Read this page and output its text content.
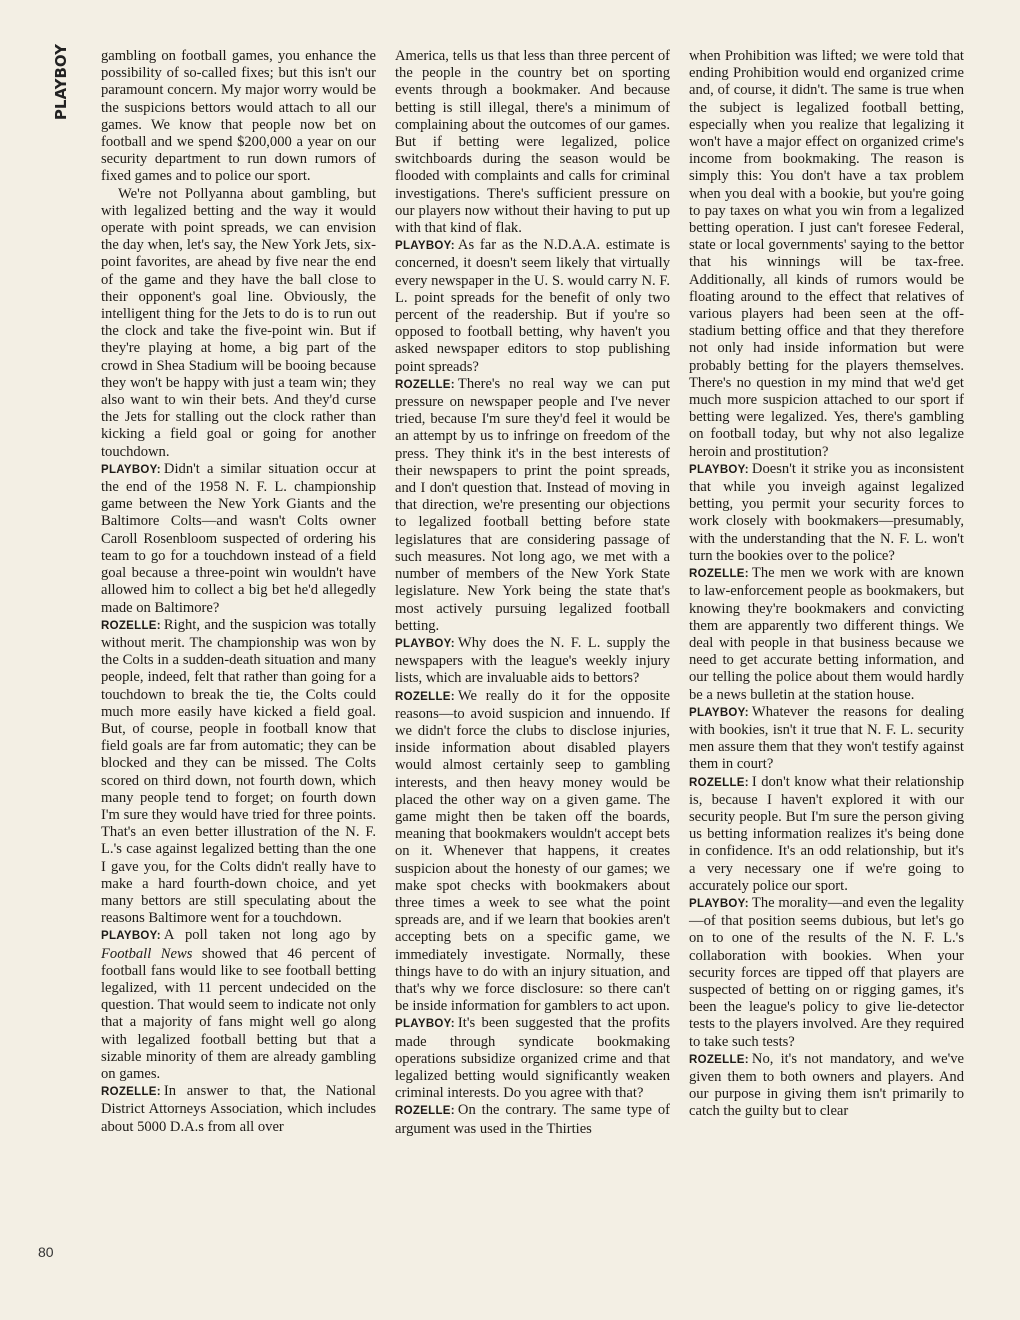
PLAYBOY
80

gambling on football games, you enhance the possibility of so-called fixes; but this isn't our paramount concern. My major worry would be the suspicions bettors would attach to all our games. We know that people now bet on football and we spend $200,000 a year on our security department to run down rumors of fixed games and to police our sport.

We're not Pollyanna about gambling, but with legalized betting and the way it would operate with point spreads, we can envision the day when, let's say, the New York Jets, six-point favorites, are ahead by five near the end of the game and they have the ball close to their opponent's goal line. Obviously, the intelligent thing for the Jets to do is to run out the clock and take the five-point win. But if they're playing at home, a big part of the crowd in Shea Stadium will be booing because they won't be happy with just a team win; they also want to win their bets. And they'd curse the Jets for stalling out the clock rather than kicking a field goal or going for another touchdown.

PLAYBOY: Didn't a similar situation occur at the end of the 1958 N. F. L. championship game between the New York Giants and the Baltimore Colts—and wasn't Colts owner Caroll Rosenbloom suspected of ordering his team to go for a touchdown instead of a field goal because a three-point win wouldn't have allowed him to collect a big bet he'd allegedly made on Baltimore?

ROZELLE: Right, and the suspicion was totally without merit. The championship was won by the Colts in a sudden-death situation and many people, indeed, felt that rather than going for a touchdown to break the tie, the Colts could much more easily have kicked a field goal. But, of course, people in football know that field goals are far from automatic; they can be blocked and they can be missed. The Colts scored on third down, not fourth down, which many people tend to forget; on fourth down I'm sure they would have tried for three points. That's an even better illustration of the N. F. L.'s case against legalized betting than the one I gave you, for the Colts didn't really have to make a hard fourth-down choice, and yet many bettors are still speculating about the reasons Baltimore went for a touchdown.

PLAYBOY: A poll taken not long ago by Football News showed that 46 percent of football fans would like to see football betting legalized, with 11 percent undecided on the question. That would seem to indicate not only that a majority of fans might well go along with legalized football betting but that a sizable minority of them are already gambling on games.

ROZELLE: In answer to that, the National District Attorneys Association, which includes about 5000 D.A.s from all over

America, tells us that less than three percent of the people in the country bet on sporting events through a bookmaker. And because betting is still illegal, there's a minimum of complaining about the outcomes of our games. But if betting were legalized, police switchboards during the season would be flooded with complaints and calls for criminal investigations. There's sufficient pressure on our players now without their having to put up with that kind of flak.

PLAYBOY: As far as the N.D.A.A. estimate is concerned, it doesn't seem likely that virtually every newspaper in the U. S. would carry N. F. L. point spreads for the benefit of only two percent of the readership. But if you're so opposed to football betting, why haven't you asked newspaper editors to stop publishing point spreads?

ROZELLE: There's no real way we can put pressure on newspaper people and I've never tried, because I'm sure they'd feel it would be an attempt by us to infringe on freedom of the press. They think it's in the best interests of their newspapers to print the point spreads, and I don't question that. Instead of moving in that direction, we're presenting our objections to legalized football betting before state legislatures that are considering passage of such measures. Not long ago, we met with a number of members of the New York State legislature. New York being the state that's most actively pursuing legalized football betting.

PLAYBOY: Why does the N. F. L. supply the newspapers with the league's weekly injury lists, which are invaluable aids to bettors?

ROZELLE: We really do it for the opposite reasons—to avoid suspicion and innuendo. If we didn't force the clubs to disclose injuries, inside information about disabled players would almost certainly seep to gambling interests, and then heavy money would be placed the other way on a given game. The game might then be taken off the boards, meaning that bookmakers wouldn't accept bets on it. Whenever that happens, it creates suspicion about the honesty of our games; we make spot checks with bookmakers about three times a week to see what the point spreads are, and if we learn that bookies aren't accepting bets on a specific game, we immediately investigate. Normally, these things have to do with an injury situation, and that's why we force disclosure: so there can't be inside information for gamblers to act upon.

PLAYBOY: It's been suggested that the profits made through syndicate bookmaking operations subsidize organized crime and that legalized betting would significantly weaken criminal interests. Do you agree with that?

ROZELLE: On the contrary. The same type of argument was used in the Thirties

when Prohibition was lifted; we were told that ending Prohibition would end organized crime and, of course, it didn't. The same is true when the subject is legalized football betting, especially when you realize that legalizing it won't have a major effect on organized crime's income from bookmaking. The reason is simply this: You don't have a tax problem when you deal with a bookie, but you're going to pay taxes on what you win from a legalized betting operation. I just can't foresee Federal, state or local governments' saying to the bettor that his winnings will be tax-free. Additionally, all kinds of rumors would be floating around to the effect that relatives of various players had been seen at the off-stadium betting office and that they therefore not only had inside information but were probably betting for the players themselves. There's no question in my mind that we'd get much more suspicion attached to our sport if betting were legalized. Yes, there's gambling on football today, but why not also legalize heroin and prostitution?

PLAYBOY: Doesn't it strike you as inconsistent that while you inveigh against legalized betting, you permit your security forces to work closely with bookmakers—presumably, with the understanding that the N. F. L. won't turn the bookies over to the police?

ROZELLE: The men we work with are known to law-enforcement people as bookmakers, but knowing they're bookmakers and convicting them are apparently two different things. We deal with people in that business because we need to get accurate betting information, and our telling the police about them would hardly be a news bulletin at the station house.

PLAYBOY: Whatever the reasons for dealing with bookies, isn't it true that N. F. L. security men assure them that they won't testify against them in court?

ROZELLE: I don't know what their relationship is, because I haven't explored it with our security people. But I'm sure the person giving us betting information realizes it's being done in confidence. It's an odd relationship, but it's a very necessary one if we're going to accurately police our sport.

PLAYBOY: The morality—and even the legality—of that position seems dubious, but let's go on to one of the results of the N. F. L.'s collaboration with bookies. When your security forces are tipped off that players are suspected of betting on or rigging games, it's been the league's policy to give lie-detector tests to the players involved. Are they required to take such tests?

ROZELLE: No, it's not mandatory, and we've given them to both owners and players. And our purpose in giving them isn't primarily to catch the guilty but to clear
